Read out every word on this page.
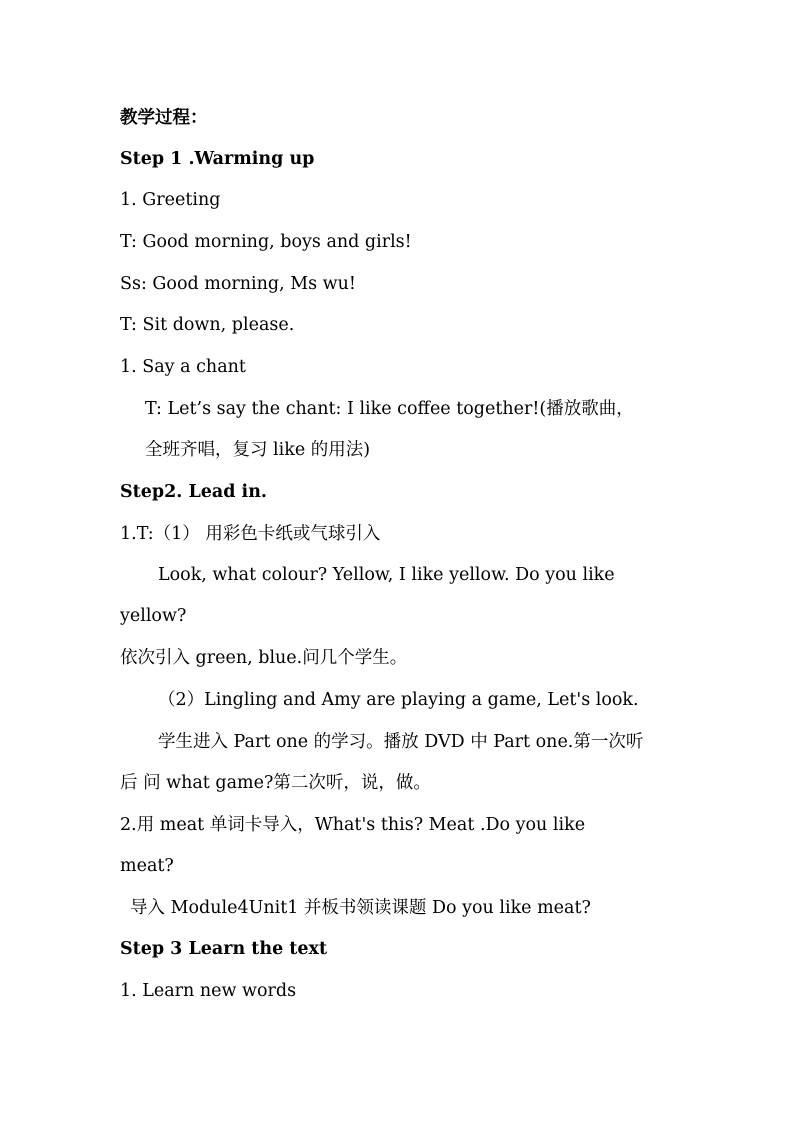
教学过程：
Step 1 .Warming up
1. Greeting
T: Good morning, boys and girls!
Ss: Good morning, Ms wu!
T: Sit down, please.
1. Say a chant
T: Let’s say the chant: I like coffee together!(播放歌曲，
全班齐唱，复习 like 的用法)
Step2. Lead in.
1.T:（1） 用彩色卡纸或气球引入
Look, what colour? Yellow, I like yellow. Do you like
yellow?
依次引入 green, blue.问几个学生。
（2）Lingling and Amy are playing a game, Let's look.
学生进入 Part one 的学习。播放 DVD 中 Part one.第一次听
后 问 what game?第二次听，说，做。
2.用 meat 单词卡导入，What's this? Meat .Do you like
meat?
导入 Module4Unit1 并板书领读课题 Do you like meat?
Step 3 Learn the text
1. Learn new words
